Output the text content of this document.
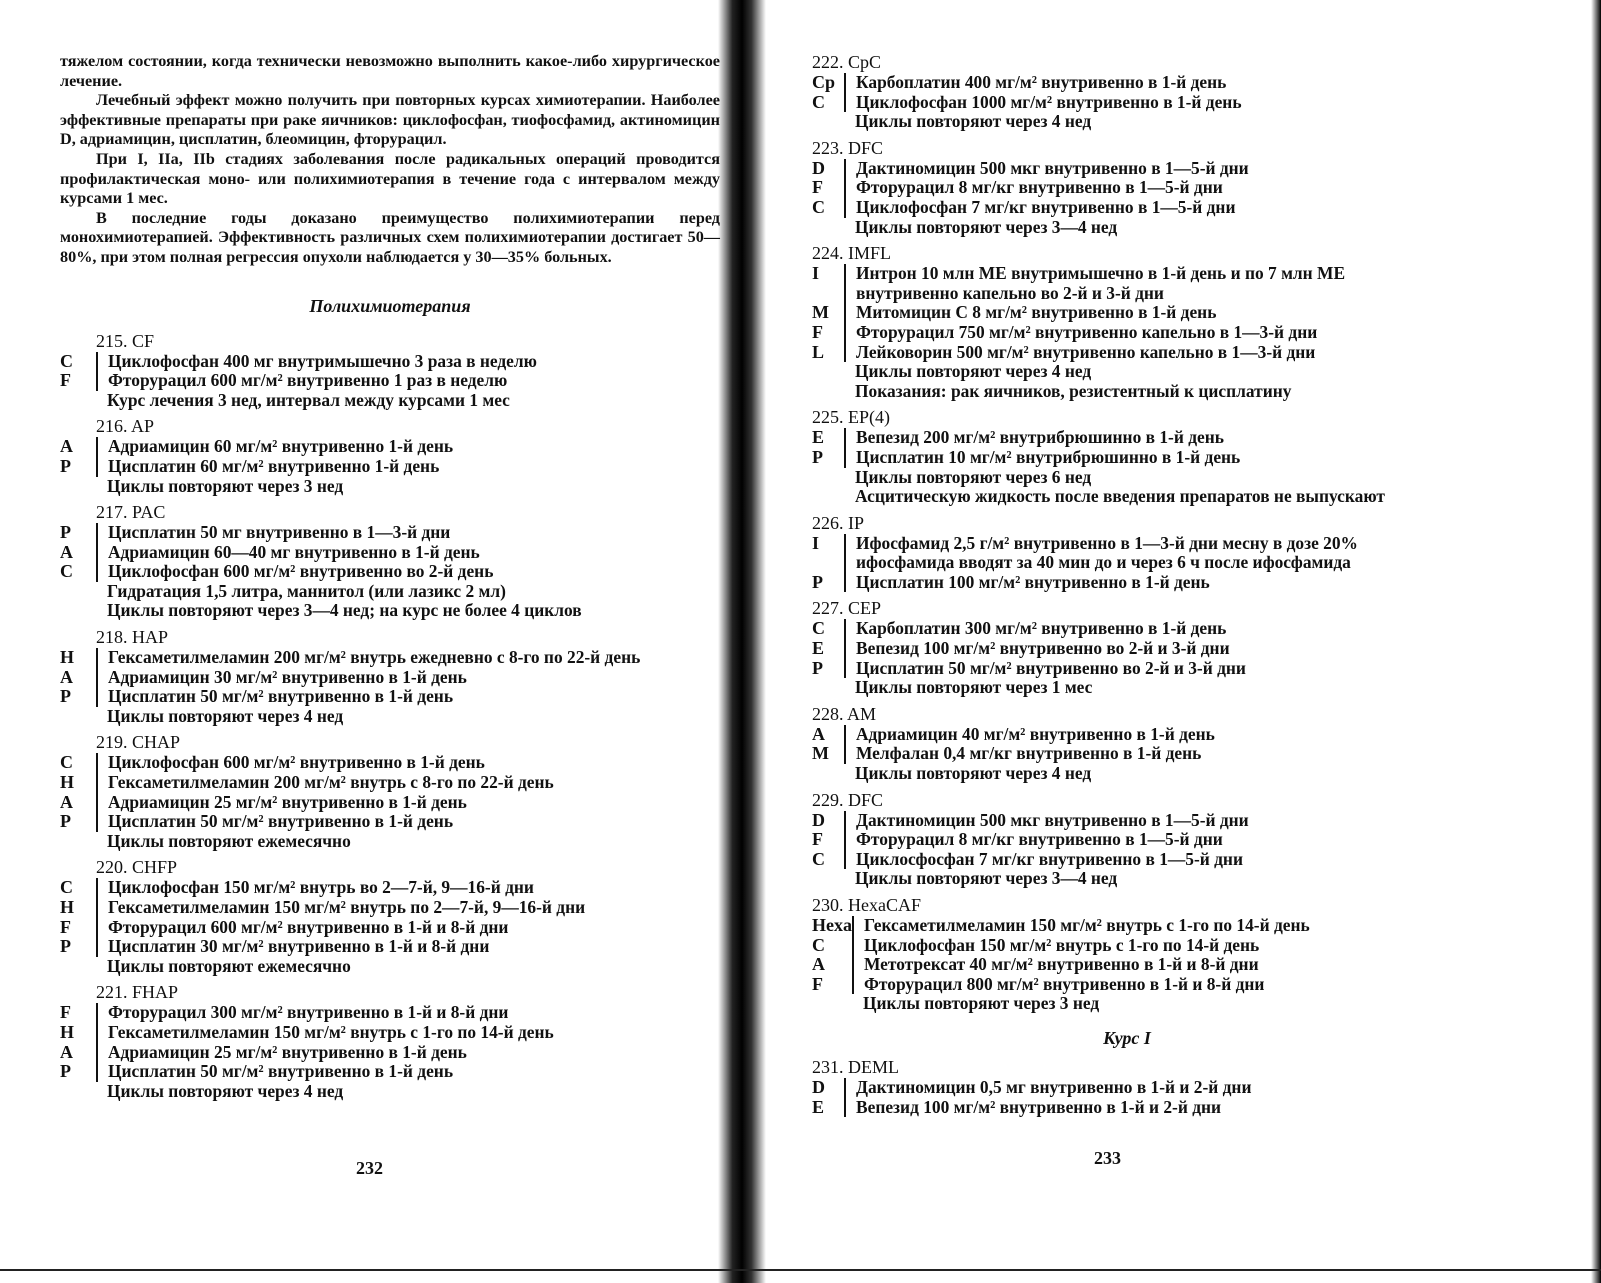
тяжелом состоянии, когда технически невозможно выполнить какое-либо хирургическое лечение.

Лечебный эффект можно получить при повторных курсах химиотерапии. Наиболее эффективные препараты при раке яичников: циклофосфан, тиофосфамид, актиномицин D, адриамицин, цисплатин, блеомицин, фторурацил.

При I, IIa, IIb стадиях заболевания после радикальных операций проводится профилактическая моно- или полихимиотерапия в течение года с интервалом между курсами 1 мес.

В последние годы доказано преимущество полихимиотерапии перед монохимиотерапией. Эффективность различных схем полихимиотерапии достигает 50—80%, при этом полная регрессия опухоли наблюдается у 30—35% больных.

Полихимиотерапия
215. CF
C	Циклофосфан 400 мг внутримышечно 3 раза в неделю
F	Фторурацил 600 мг/м² внутривенно 1 раз в неделю
	Курс лечения 3 нед, интервал между курсами 1 мес
216. AP
A	Адриамицин 60 мг/м² внутривенно 1-й день
P	Цисплатин 60 мг/м² внутривенно 1-й день
	Циклы повторяют через 3 нед
217. PAC
P	Цисплатин 50 мг внутривенно в 1—3-й дни
A	Адриамицин 60—40 мг внутривенно в 1-й день
C	Циклофосфан 600 мг/м² внутривенно во 2-й день
	Гидратация 1,5 литра, маннитол (или лазикс 2 мл)
	Циклы повторяют через 3—4 нед; на курс не более 4 циклов
218. HAP
H	Гексаметилмеламин 200 мг/м² внутрь ежедневно с 8-го по 22-й день
A	Адриамицин 30 мг/м² внутривенно в 1-й день
P	Цисплатин 50 мг/м² внутривенно в 1-й день
	Циклы повторяют через 4 нед
219. CHAP
C	Циклофосфан 600 мг/м² внутривенно в 1-й день
H	Гексаметилмеламин 200 мг/м² внутрь с 8-го по 22-й день
A	Адриамицин 25 мг/м² внутривенно в 1-й день
P	Цисплатин 50 мг/м² внутривенно в 1-й день
	Циклы повторяют ежемесячно
220. CHFP
C	Циклофосфан 150 мг/м² внутрь во 2—7-й, 9—16-й дни
H	Гексаметилмеламин 150 мг/м² внутрь по 2—7-й, 9—16-й дни
F	Фторурацил 600 мг/м² внутривенно в 1-й и 8-й дни
P	Цисплатин 30 мг/м² внутривенно в 1-й и 8-й дни
	Циклы повторяют ежемесячно
221. FHAP
F	Фторурацил 300 мг/м² внутривенно в 1-й и 8-й дни
H	Гексаметилмеламин 150 мг/м² внутрь с 1-го по 14-й день
A	Адриамицин 25 мг/м² внутривенно в 1-й день
P	Цисплатин 50 мг/м² внутривенно в 1-й день
	Циклы повторяют через 4 нед
232
222. CpC
Cp	Карбоплатин 400 мг/м² внутривенно в 1-й день
C	Циклофосфан 1000 мг/м² внутривенно в 1-й день
	Циклы повторяют через 4 нед
223. DFC
D	Дактиномицин 500 мкг внутривенно в 1—5-й дни
F	Фторурацил 8 мг/кг внутривенно в 1—5-й дни
C	Циклофосфан 7 мг/кг внутривенно в 1—5-й дни
	Циклы повторяют через 3—4 нед
224. IMFL
I	Интрон 10 млн МЕ внутримышечно в 1-й день и по 7 млн МЕ внутривенно капельно во 2-й и 3-й дни
M	Митомицин С 8 мг/м² внутривенно в 1-й день
F	Фторурацил 750 мг/м² внутривенно капельно в 1—3-й дни
L	Лейковорин 500 мг/м² внутривенно капельно в 1—3-й дни
	Циклы повторяют через 4 нед
	Показания: рак яичников, резистентный к цисплатину
225. EP(4)
E	Вепезид 200 мг/м² внутрибрюшинно в 1-й день
P	Цисплатин 10 мг/м² внутрибрюшинно в 1-й день
	Циклы повторяют через 6 нед
	Асцитическую жидкость после введения препаратов не выпускают
226. IP
I	Ифосфамид 2,5 г/м² внутривенно в 1—3-й дни месну в дозе 20% ифосфамида вводят за 40 мин до и через 6 ч после ифосфамида
P	Цисплатин 100 мг/м² внутривенно в 1-й день
227. CEP
C	Карбоплатин 300 мг/м² внутривенно в 1-й день
E	Вепезид 100 мг/м² внутривенно во 2-й и 3-й дни
P	Цисплатин 50 мг/м² внутривенно во 2-й и 3-й дни
	Циклы повторяют через 1 мес
228. AM
A	Адриамицин 40 мг/м² внутривенно в 1-й день
M	Мелфалан 0,4 мг/кг внутривенно в 1-й день
	Циклы повторяют через 4 нед
229. DFC
D	Дактиномицин 500 мкг внутривенно в 1—5-й дни
F	Фторурацил 8 мг/кг внутривенно в 1—5-й дни
C	Циклосфосфан 7 мг/кг внутривенно в 1—5-й дни
	Циклы повторяют через 3—4 нед
230. HexaCAF
Hexa	Гексаметилмеламин 150 мг/м² внутрь с 1-го по 14-й день
C	Циклофосфан 150 мг/м² внутрь с 1-го по 14-й день
A	Метотрексат 40 мг/м² внутривенно в 1-й и 8-й дни
F	Фторурацил 800 мг/м² внутривенно в 1-й и 8-й дни
	Циклы повторяют через 3 нед
Курс I
231. DEML
D	Дактиномицин 0,5 мг внутривенно в 1-й и 2-й дни
E	Вепезид 100 мг/м² внутривенно в 1-й и 2-й дни
233
